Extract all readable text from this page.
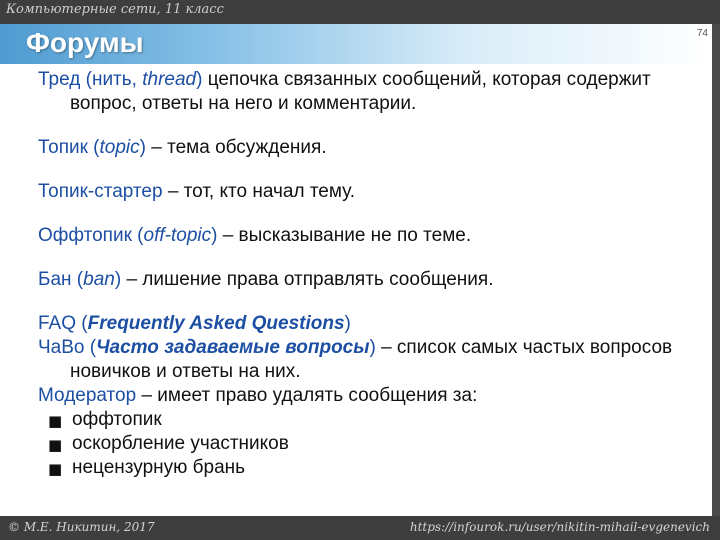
Компьютерные сети, 11 класс
Форумы	74

Тред (нить, thread) цепочка связанных сообщений, которая содержит вопрос, ответы на него и комментарии.

Топик (topic) – тема обсуждения.

Топик-стартер – тот, кто начал тему.

Оффтопик (off-topic) – высказывание не по теме.

Бан (ban) – лишение права отправлять сообщения.

FAQ (Frequently Asked Questions)

ЧаВо (Часто задаваемые вопросы) – список самых частых вопросов новичков и ответы на них.

Модератор – имеет право удалять сообщения за:

■ оффтопик
■ оскорбление участников
■ нецензурную брань
© М.Е. Никитин, 2017	https://infourok.ru/user/nikitin-mihail-evgenevich
